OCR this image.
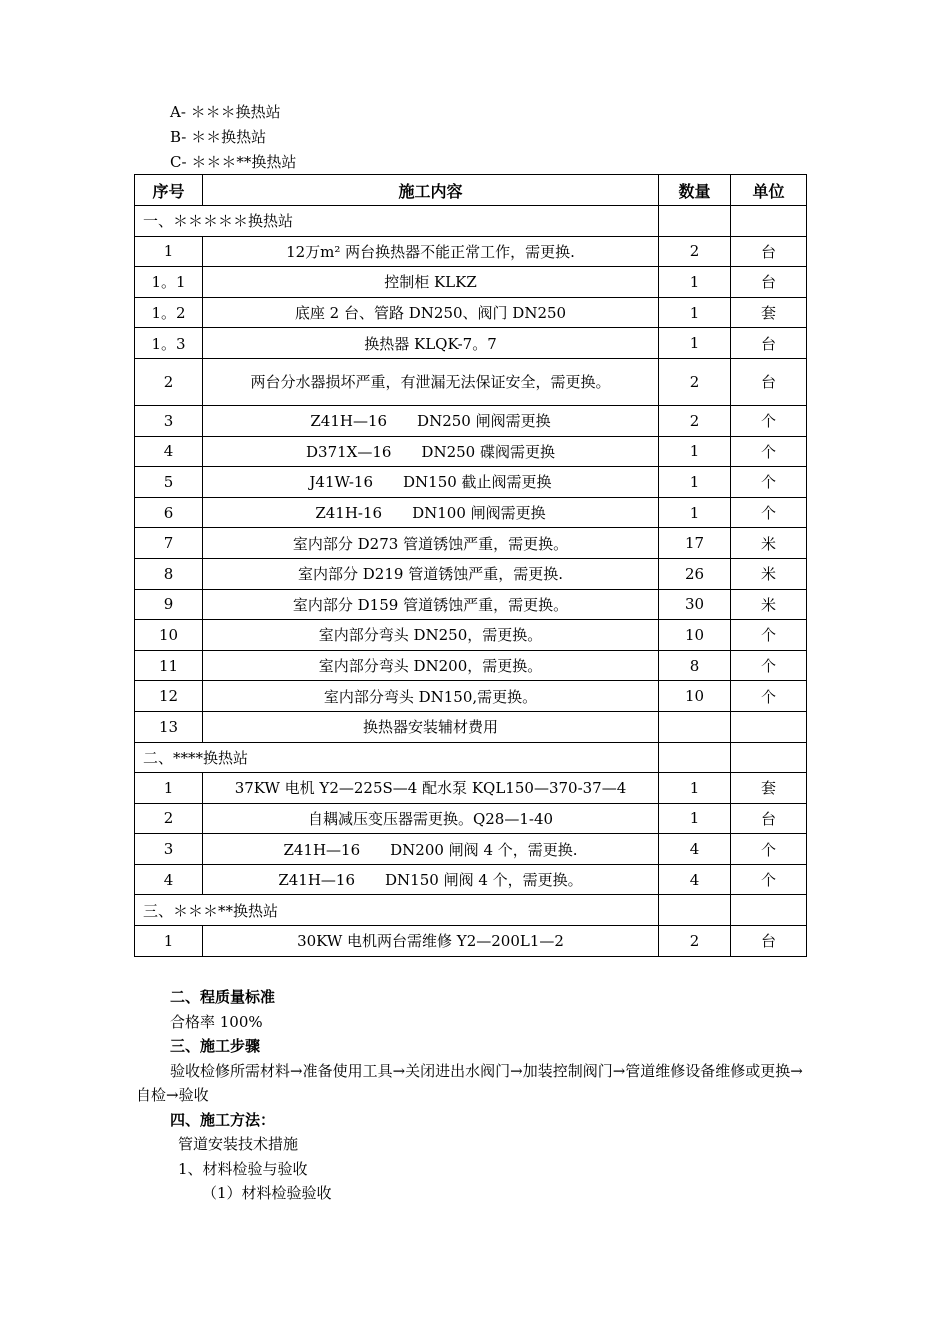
A- ＊＊＊换热站
B- ＊＊换热站
C- ＊＊＊**换热站
序号	施工内容	数量	单位
一、＊＊＊＊＊换热站			
1	12万m² 两台换热器不能正常工作，需更换.	2	台
1。1	控制柜 KLKZ	1	台
1。2	底座 2 台、管路 DN250、阀门 DN250	1	套
1。3	换热器 KLQK-7。7	1	台
2	两台分水器损坏严重，有泄漏无法保证安全，需更换。	2	台
3	Z41H—16　　DN250 闸阀需更换	2	个
4	D371X—16　　DN250 碟阀需更换	1	个
5	J41W-16　　DN150 截止阀需更换	1	个
6	Z41H-16　　DN100 闸阀需更换	1	个
7	室内部分 D273 管道锈蚀严重，需更换。	17	米
8	室内部分 D219 管道锈蚀严重，需更换.	26	米
9	室内部分 D159 管道锈蚀严重，需更换。	30	米
10	室内部分弯头 DN250，需更换。	10	个
11	室内部分弯头 DN200，需更换。	8	个
12	室内部分弯头 DN150,需更换。	10	个
13	换热器安装辅材费用		
二、****换热站			
1	37KW 电机 Y2—225S—4 配水泵 KQL150—370-37—4	1	套
2	自耦减压变压器需更换。Q28—1-40	1	台
3	Z41H—16　　DN200 闸阀 4 个，需更换.	4	个
4	Z41H—16　　DN150 闸阀 4 个，需更换。	4	个
三、＊＊＊**换热站			
1	30KW 电机两台需维修 Y2—200L1—2	2	台
二、程质量标准
合格率 100%
三、施工步骤
验收检修所需材料→准备使用工具→关闭进出水阀门→加装控制阀门→管道维修设备维修或更换→自检→验收
四、施工方法：
管道安装技术措施
1、材料检验与验收
（1）材料检验验收
